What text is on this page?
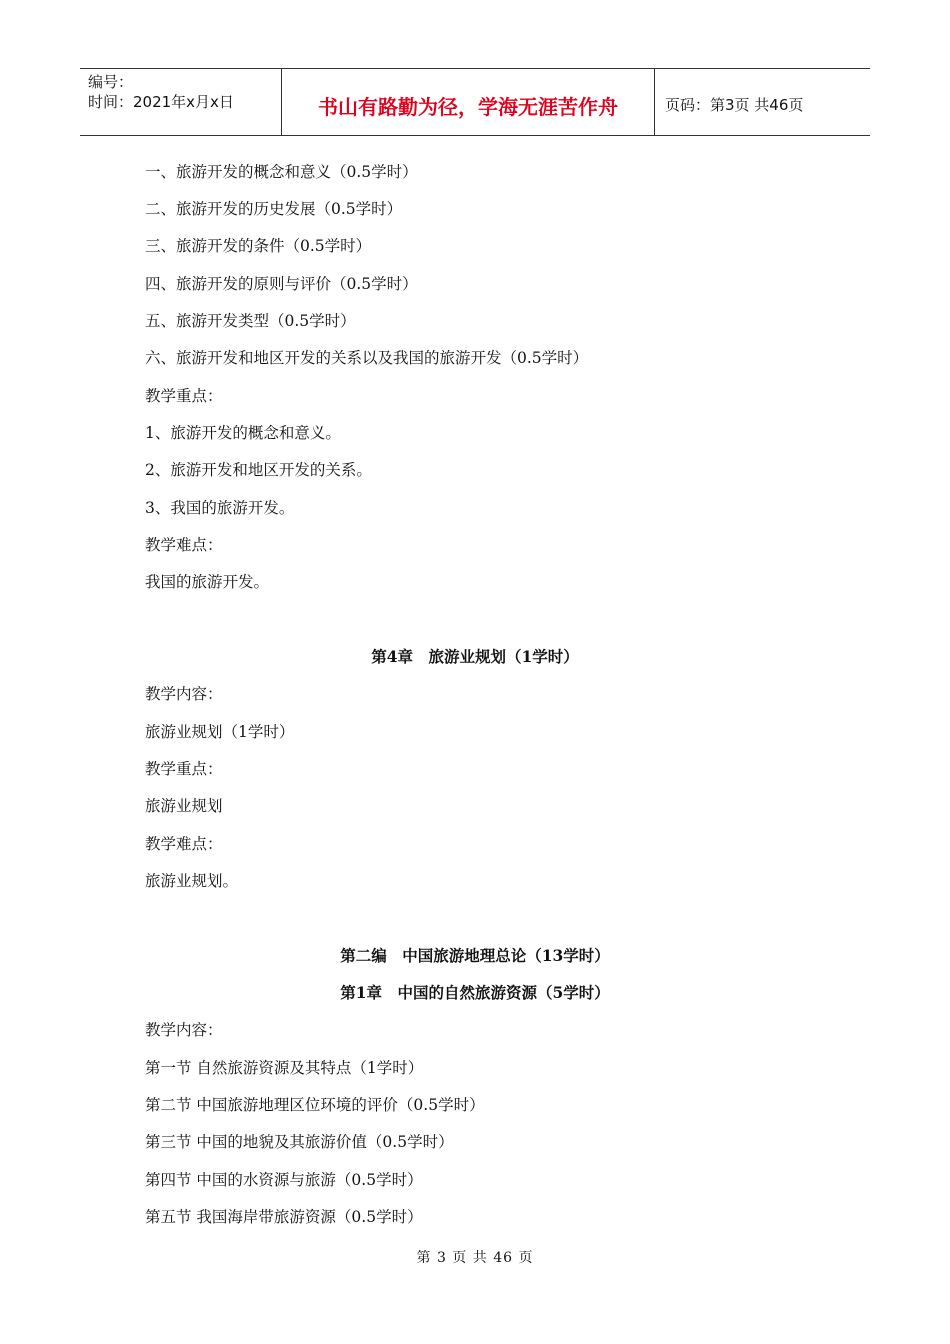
编号：
时间：2021年x月x日	书山有路勤为径，学海无涯苦作舟	页码：第3页 共46页
一、旅游开发的概念和意义（0.5学时）
二、旅游开发的历史发展（0.5学时）
三、旅游开发的条件（0.5学时）
四、旅游开发的原则与评价（0.5学时）
五、旅游开发类型（0.5学时）
六、旅游开发和地区开发的关系以及我国的旅游开发（0.5学时）
教学重点：
1、旅游开发的概念和意义。
2、旅游开发和地区开发的关系。
3、我国的旅游开发。
教学难点：
我国的旅游开发。
第4章　旅游业规划（1学时）
教学内容：
旅游业规划（1学时）
教学重点：
旅游业规划
教学难点：
旅游业规划。
第二编　中国旅游地理总论（13学时）
第1章　中国的自然旅游资源（5学时）
教学内容：
第一节 自然旅游资源及其特点（1学时）
第二节 中国旅游地理区位环境的评价（0.5学时）
第三节 中国的地貌及其旅游价值（0.5学时）
第四节 中国的水资源与旅游（0.5学时）
第五节 我国海岸带旅游资源（0.5学时）
第 3 页 共 46 页
